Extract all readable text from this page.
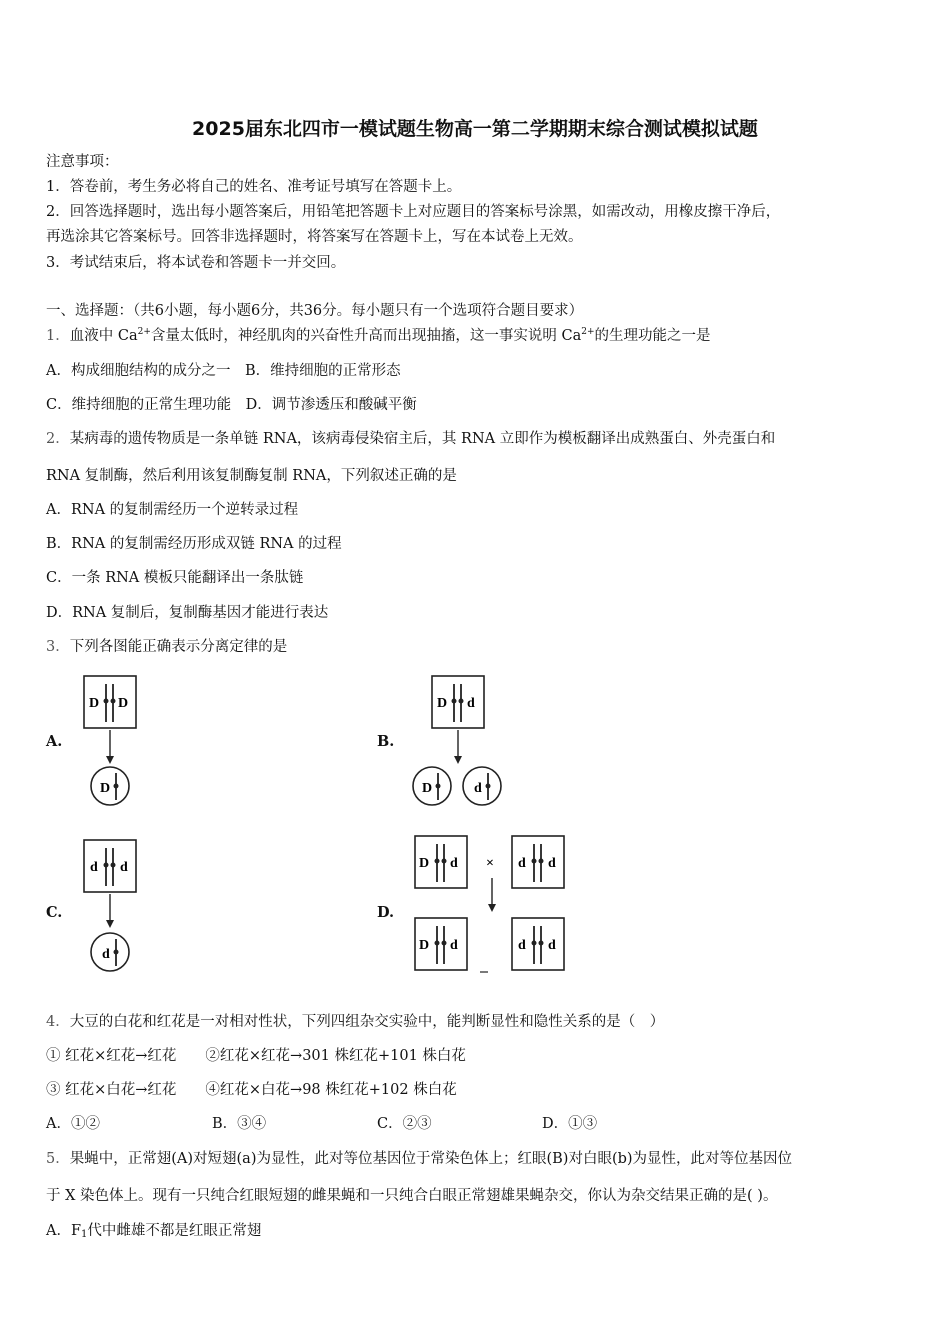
2025届东北四市一模试题生物高一第二学期期末综合测试模拟试题
注意事项：
1．答卷前，考生务必将自己的姓名、准考证号填写在答题卡上。
2．回答选择题时，选出每小题答案后，用铅笔把答题卡上对应题目的答案标号涂黑，如需改动，用橡皮擦干净后，
再选涂其它答案标号。回答非选择题时，将答案写在答题卡上，写在本试卷上无效。
3．考试结束后，将本试卷和答题卡一并交回。
一、选择题：（共6小题，每小题6分，共36分。每小题只有一个选项符合题目要求）
1．血液中 $Ca^{2+}$含量太低时，神经肌肉的兴奋性升高而出现抽搐，这一事实说明 $Ca^{2+}$的生理功能之一是
A．构成细胞结构的成分之一　B．维持细胞的正常形态
C．维持细胞的正常生理功能　D．调节渗透压和酸碱平衡
2．某病毒的遗传物质是一条单链 RNA，该病毒侵染宿主后，其 RNA 立即作为模板翻译出成熟蛋白、外壳蛋白和
RNA 复制酶，然后利用该复制酶复制 RNA，下列叙述正确的是
A．RNA 的复制需经历一个逆转录过程
B．RNA 的复制需经历形成双链 RNA 的过程
C．一条 RNA 模板只能翻译出一条肽链
D．RNA 复制后，复制酶基因才能进行表达
3．下列各图能正确表示分离定律的是
A.	B.
C.	D.
D D
D
D d
D	d
d d
d
D d × d d
D d	d d
4．大豆的白花和红花是一对相对性状，下列四组杂交实验中，能判断显性和隐性关系的是（　）
① 红花×红花→红花　　②红花×红花→301 株红花+101 株白花
③ 红花×白花→红花　　④红花×白花→98 株红花+102 株白花
A．①②	B．③④	C．②③	D．①③
5．果蝇中，正常翅(A)对短翅(a)为显性，此对等位基因位于常染色体上；红眼(B)对白眼(b)为显性，此对等位基因位
于 X 染色体上。现有一只纯合红眼短翅的雌果蝇和一只纯合白眼正常翅雄果蝇杂交，你认为杂交结果正确的是( )。
A．$F_1$代中雌雄不都是红眼正常翅
